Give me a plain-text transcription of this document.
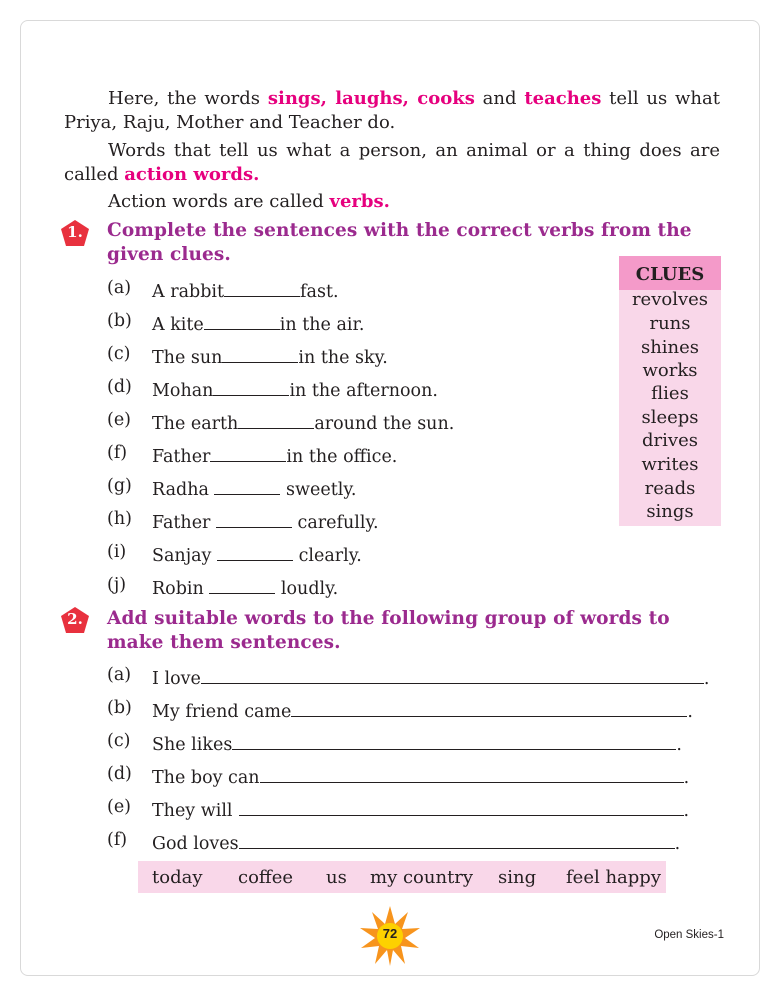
Here, the words sings, laughs, cooks and teaches tell us what Priya, Raju, Mother and Teacher do.

Words that tell us what a person, an animal or a thing does are called action words.

Action words are called verbs.

1.	Complete the sentences with the correct verbs from the given clues.
(a) A rabbit	fast.
(b) A kite	in the air.
(c) The sun	in the sky.
(d) Mohan	in the afternoon.
(e) The earth	around the sun.
(f) Father	in the office.
(g) Radha	sweetly.
(h) Father	carefully.
(i) Sanjay	clearly.
(j) Robin	loudly.
CLUES
revolves
runs
shines
works
flies
sleeps
drives
writes
reads
sings
2.	Add suitable words to the following group of words to make them sentences.
(a) I love	.
(b) My friend came	.
(c) She likes	.
(d) The boy can	.
(e) They will	.
(f) God loves	.
today coffee us my country sing feel happy
72	Open Skies-1
